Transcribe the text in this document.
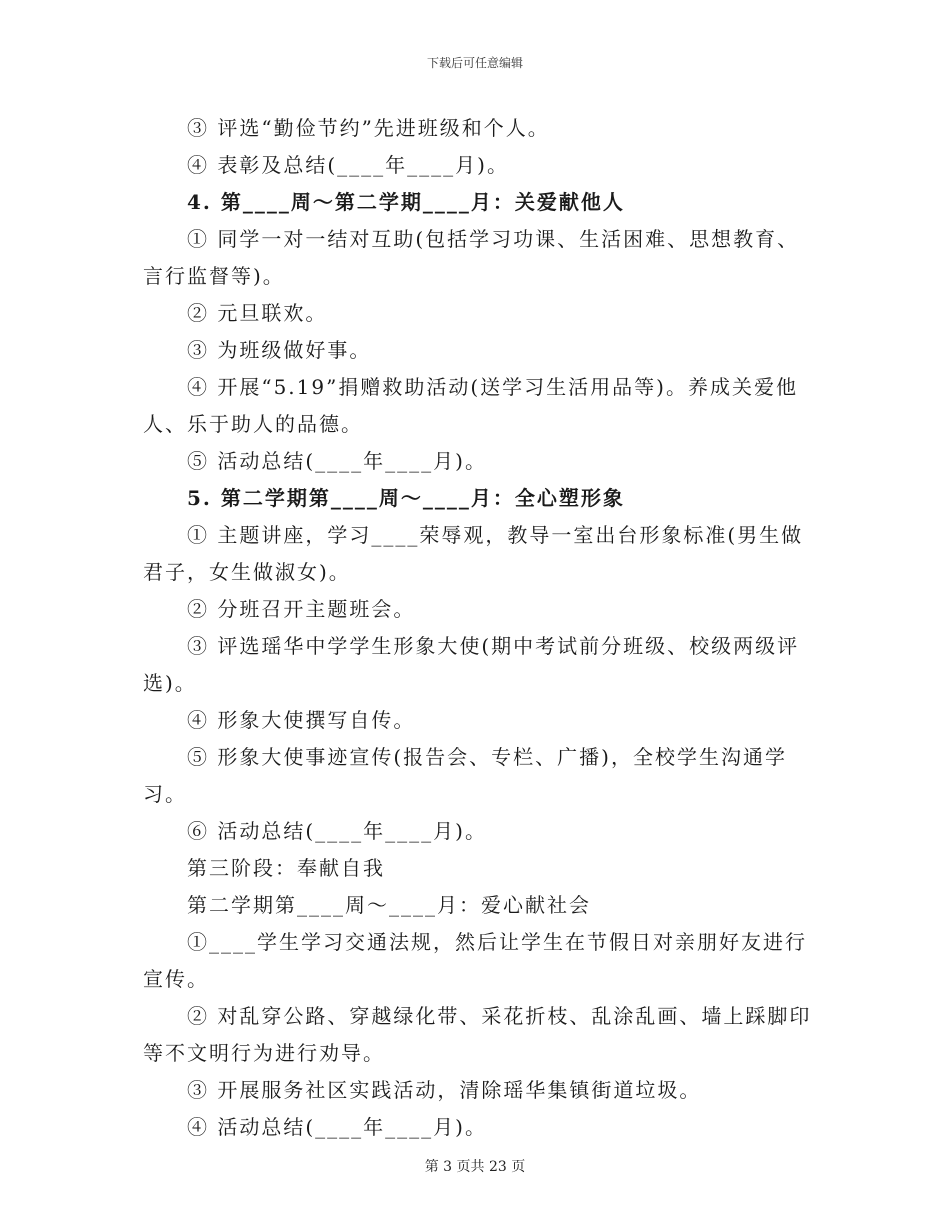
下载后可任意编辑

③ 评选“勤俭节约”先进班级和个人。

④ 表彰及总结(____年____月)。

4. 第____周～第二学期____月：关爱献他人

① 同学一对一结对互助(包括学习功课、生活困难、思想教育、言行监督等)。

② 元旦联欢。

③ 为班级做好事。

④ 开展“5.19”捐赠救助活动(送学习生活用品等)。养成关爱他人、乐于助人的品德。

⑤ 活动总结(____年____月)。

5. 第二学期第____周～____月：全心塑形象

① 主题讲座，学习____荣辱观，教导一室出台形象标准(男生做君子，女生做淑女)。

② 分班召开主题班会。

③ 评选瑶华中学学生形象大使(期中考试前分班级、校级两级评选)。

④ 形象大使撰写自传。

⑤ 形象大使事迹宣传(报告会、专栏、广播)，全校学生沟通学习。

⑥ 活动总结(____年____月)。

第三阶段：奉献自我

第二学期第____周～____月：爱心献社会

①____学生学习交通法规，然后让学生在节假日对亲朋好友进行宣传。

② 对乱穿公路、穿越绿化带、采花折枝、乱涂乱画、墙上踩脚印等不文明行为进行劝导。

③ 开展服务社区实践活动，清除瑶华集镇街道垃圾。

④ 活动总结(____年____月)。

第 3 页共 23 页
